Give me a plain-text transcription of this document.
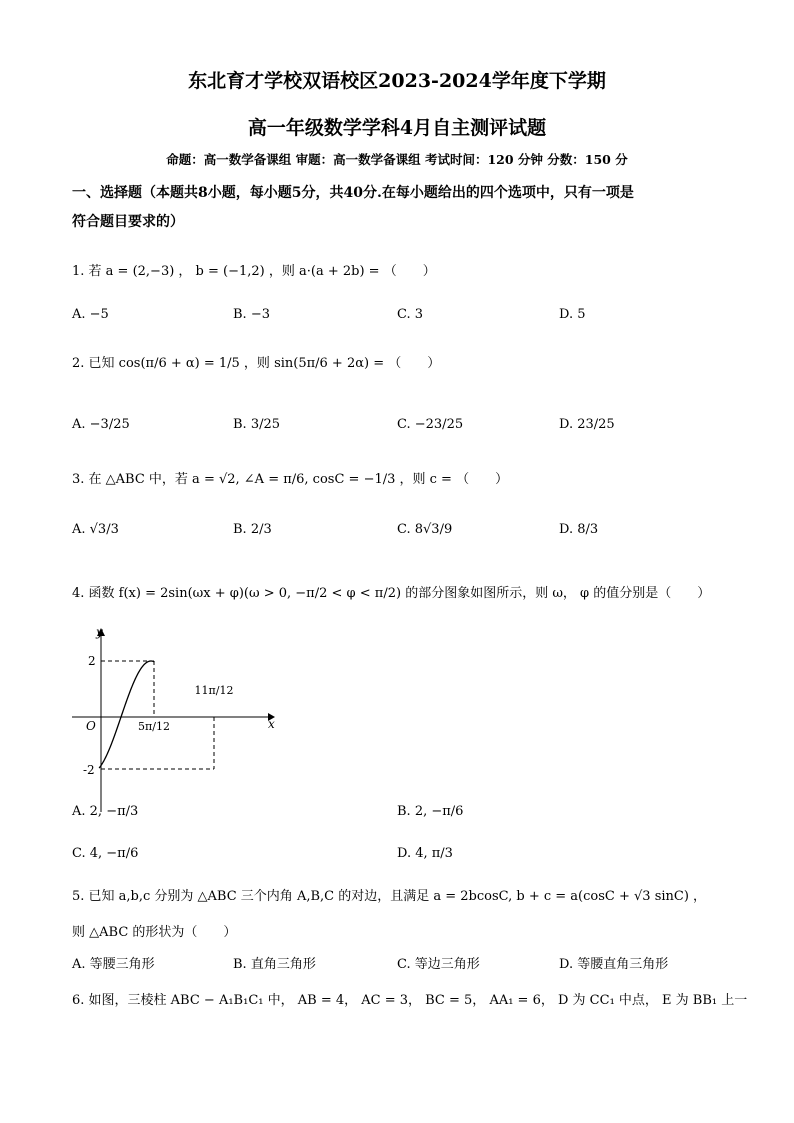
东北育才学校双语校区2023-2024学年度下学期
高一年级数学学科4月自主测评试题
命题：高一数学备课组 审题：高一数学备课组 考试时间：120 分钟 分数：150 分
一、选择题（本题共8小题，每小题5分，共40分.在每小题给出的四个选项中，只有一项是
符合题目要求的）
1. 若 a = (2,−3) ， b = (−1,2) ，则 a·(a + 2b) = （　　）
A. −5	B. −3	C. 3	D. 5
2. 已知 cos(π/6 + α) = 1/5 ，则 sin(5π/6 + 2α) = （　　）
A. −3/25	B. 3/25	C. −23/25	D. 23/25
3. 在 △ABC 中，若 a = √2, ∠A = π/6, cosC = −1/3 ，则 c = （　　）
A. √3/3	B. 2/3	C. 8√3/9	D. 8/3
4. 函数 f(x) = 2sin(ωx + φ)(ω > 0, −π/2 < φ < π/2) 的部分图象如图所示，则 ω， φ 的值分别是（　　）
y
x
O
2
-2
5π/12
11π/12
A. 2, −π/3	B. 2, −π/6
C. 4, −π/6	D. 4, π/3
5. 已知 a,b,c 分别为 △ABC 三个内角 A,B,C 的对边，且满足 a = 2bcosC, b + c = a(cosC + √3 sinC) ，
则 △ABC 的形状为（　　）
A. 等腰三角形	B. 直角三角形	C. 等边三角形	D. 等腰直角三角形
6. 如图，三棱柱 ABC − A₁B₁C₁ 中， AB = 4， AC = 3， BC = 5， AA₁ = 6， D 为 CC₁ 中点， E 为 BB₁ 上一
